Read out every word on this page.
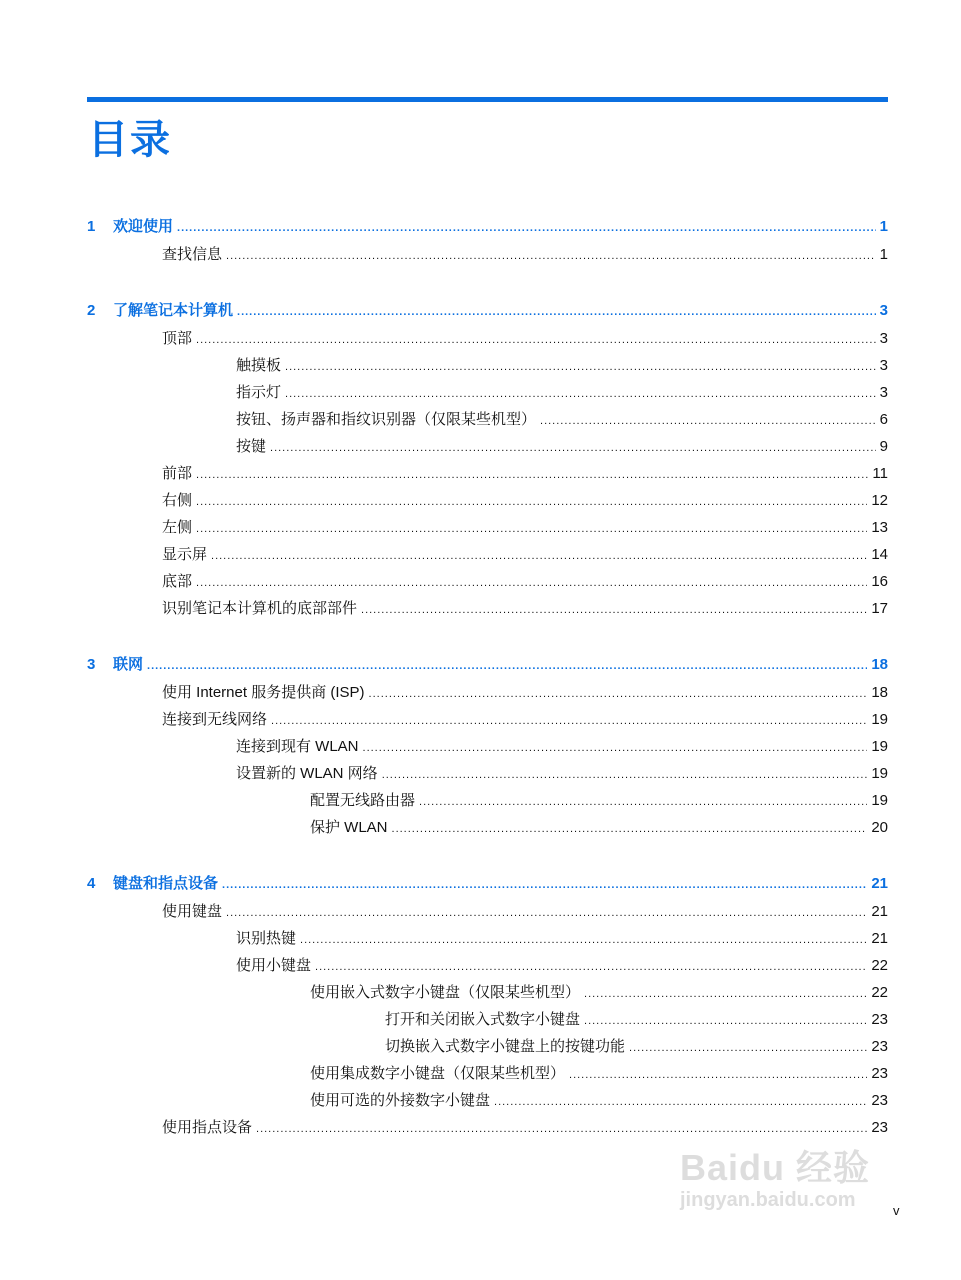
目录
1	欢迎使用 .....	1
查找信息 .....	1
2	了解笔记本计算机 .....	3
顶部 .....	3
触摸板 .....	3
指示灯 .....	3
按钮、扬声器和指纹识别器（仅限某些机型） .....	6
按键 .....	9
前部 .....	11
右侧 .....	12
左侧 .....	13
显示屏 .....	14
底部 .....	16
识别笔记本计算机的底部部件 .....	17
3	联网 .....	18
使用 Internet 服务提供商 (ISP) .....	18
连接到无线网络 .....	19
连接到现有 WLAN .....	19
设置新的 WLAN 网络 .....	19
配置无线路由器 .....	19
保护 WLAN .....	20
4	键盘和指点设备 .....	21
使用键盘 .....	21
识别热键 .....	21
使用小键盘 .....	22
使用嵌入式数字小键盘（仅限某些机型） .....	22
打开和关闭嵌入式数字小键盘 .....	23
切换嵌入式数字小键盘上的按键功能 .....	23
使用集成数字小键盘（仅限某些机型） .....	23
使用可选的外接数字小键盘 .....	23
使用指点设备 .....	23
Baidu 经验
jingyan.baidu.com	v
